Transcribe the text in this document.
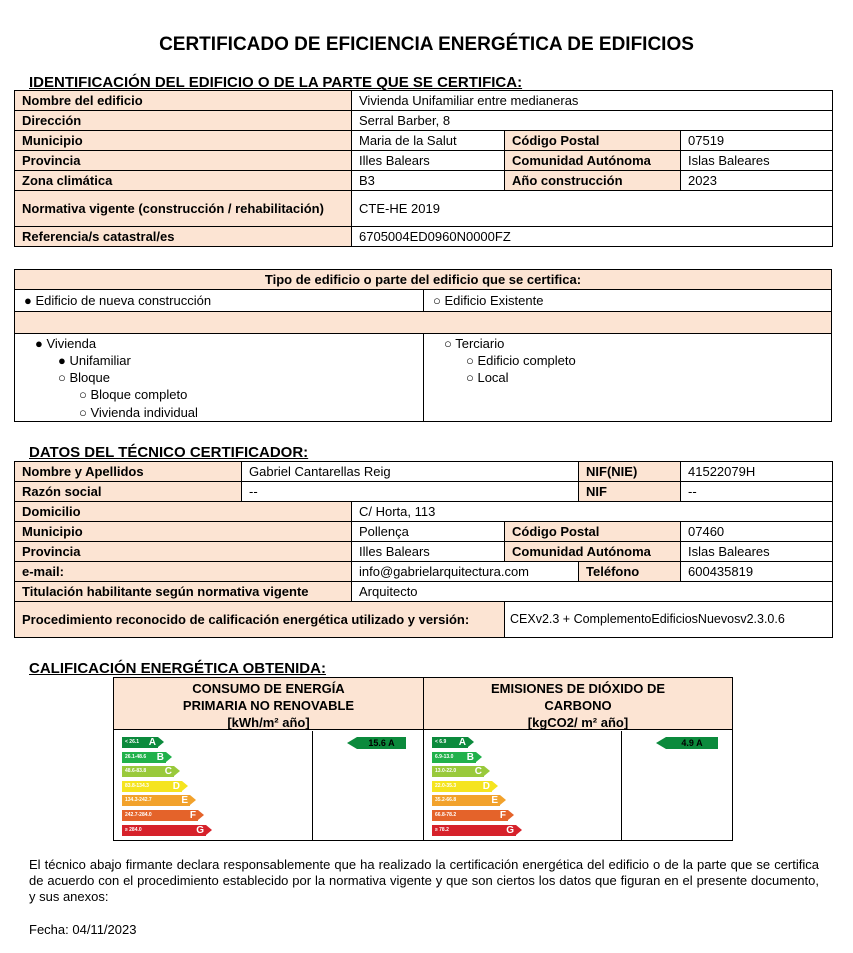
CERTIFICADO DE EFICIENCIA ENERGÉTICA DE EDIFICIOS
IDENTIFICACIÓN DEL EDIFICIO O DE LA PARTE QUE SE CERTIFICA:
Nombre del edificio	Vivienda Unifamiliar entre medianeras		
Dirección	Serral Barber, 8		
Municipio	Maria de la Salut	Código Postal	07519
Provincia	Illes Balears	Comunidad Autónoma	Islas Baleares
Zona climática	B3	Año construcción	2023
Normativa vigente (construcción / rehabilitación)	CTE-HE 2019		
Referencia/s catastral/es	6705004ED0960N0000FZ		
Tipo de edificio o parte del edificio que se certifica:
● Edificio de nueva construcción	○ Edificio Existente
● Vivienda
● Unifamiliar
○ Bloque
○ Bloque completo
○ Vivienda individual
○ Terciario
○ Edificio completo
○ Local
DATOS DEL TÉCNICO CERTIFICADOR:
Nombre y Apellidos	Gabriel Cantarellas Reig			NIF(NIE)	41522079H
Razón social	--			NIF	--
Domicilio		C/ Horta, 113			
Municipio		Pollença	Código Postal		07460
Provincia		Illes Balears	Comunidad Autónoma		Islas Baleares
e-mail:		info@gabrielarquitectura.com		Teléfono	600435819
Titulación habilitante según normativa vigente		Arquitecto			
Procedimiento reconocido de calificación energética utilizado y versión:			CEXv2.3 + ComplementoEdificiosNuevosv2.3.0.6		
CALIFICACIÓN ENERGÉTICA OBTENIDA:
CONSUMO DE ENERGÍA
PRIMARIA NO RENOVABLE
[kWh/m² año]
EMISIONES DE DIÓXIDO DE
CARBONO
[kgCO2/ m² año]
< 26.1 A
26.1-48.6 B
48.6-83.8 C
83.8-134.3 D
134.3-242.7	E
242.7-284.0	F
≥ 284.0	G
< 6.9 A
6.9-13.0 B
13.0-22.0 C
22.0-35.3	D
35.2-66.8	E
66.8-78.2	F
≥ 78.2	G
15.6 A	4.9 A
El técnico abajo firmante declara responsablemente que ha realizado la certificación energética del edificio o de la parte que se certifica de acuerdo con el procedimiento establecido por la normativa vigente y que son ciertos los datos que figuran en el presente documento, y sus anexos:
Fecha: 04/11/2023
